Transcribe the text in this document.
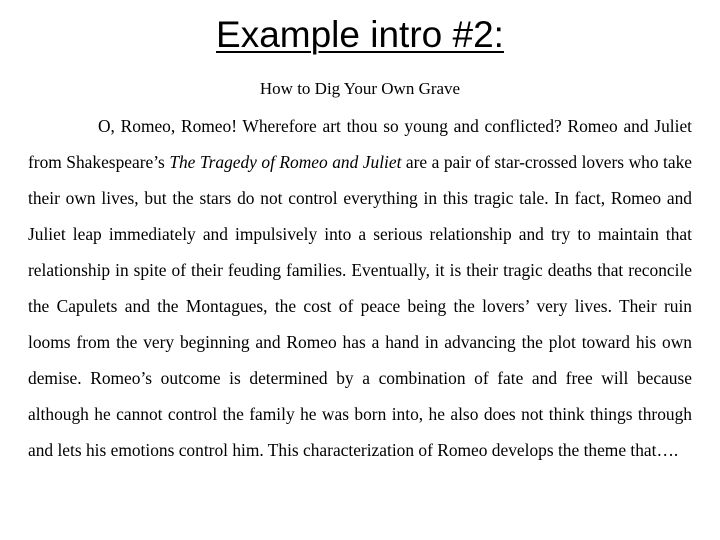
Example intro #2:

How to Dig Your Own Grave

O, Romeo, Romeo! Wherefore art thou so young and conflicted? Romeo and Juliet from Shakespeare’s The Tragedy of Romeo and Juliet are a pair of star-crossed lovers who take their own lives, but the stars do not control everything in this tragic tale. In fact, Romeo and Juliet leap immediately and impulsively into a serious relationship and try to maintain that relationship in spite of their feuding families. Eventually, it is their tragic deaths that reconcile the Capulets and the Montagues, the cost of peace being the lovers’ very lives. Their ruin looms from the very beginning and Romeo has a hand in advancing the plot toward his own demise. Romeo’s outcome is determined by a combination of fate and free will because although he cannot control the family he was born into, he also does not think things through and lets his emotions control him. This characterization of Romeo develops the theme that….
